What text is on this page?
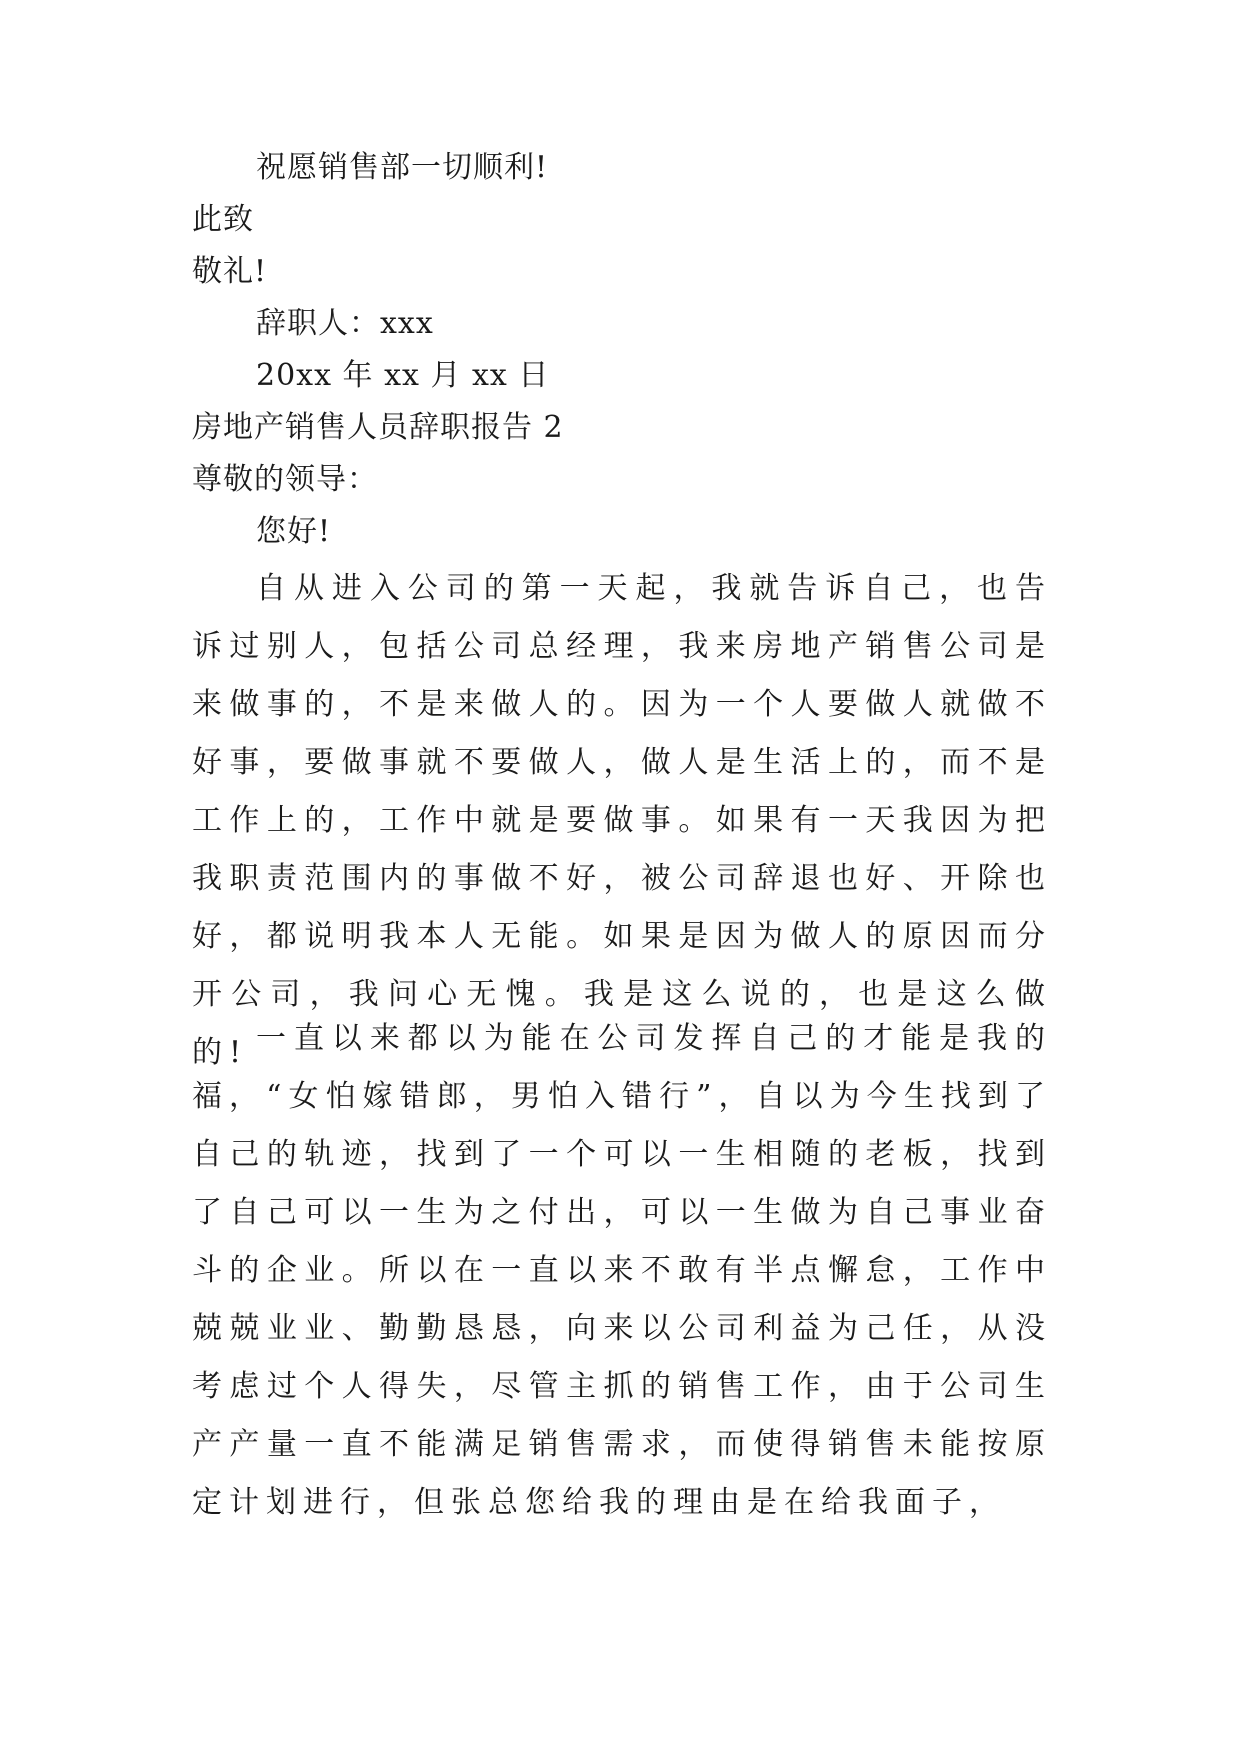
祝愿销售部一切顺利!
此致
敬礼!
辞职人：xxx
20xx 年 xx 月 xx 日
房地产销售人员辞职报告 2
尊敬的领导：
您好!

自从进入公司的第一天起，我就告诉自己，也告诉过别人，包括公司总经理，我来房地产销售公司是来做事的，不是来做人的。因为一个人要做人就做不好事，要做事就不要做人，做人是生活上的，而不是工作上的，工作中就是要做事。如果有一天我因为把我职责范围内的事做不好，被公司辞退也好、开除也好，都说明我本人无能。如果是因为做人的原因而分开公司，我问心无愧。我是这么说的，也是这么做的! 一直以来都以为能在公司发挥自己的才能是我的福，“女怕嫁错郎，男怕入错行”，自以为今生找到了自己的轨迹，找到了一个可以一生相随的老板，找到了自己可以一生为之付出，可以一生做为自己事业奋斗的企业。所以在一直以来不敢有半点懈怠，工作中兢兢业业、勤勤恳恳，向来以公司利益为己任，从没考虑过个人得失，尽管主抓的销售工作，由于公司生产产量一直不能满足销售需求，而使得销售未能按原定计划进行，但张总您给我的理由是在给我面子，
